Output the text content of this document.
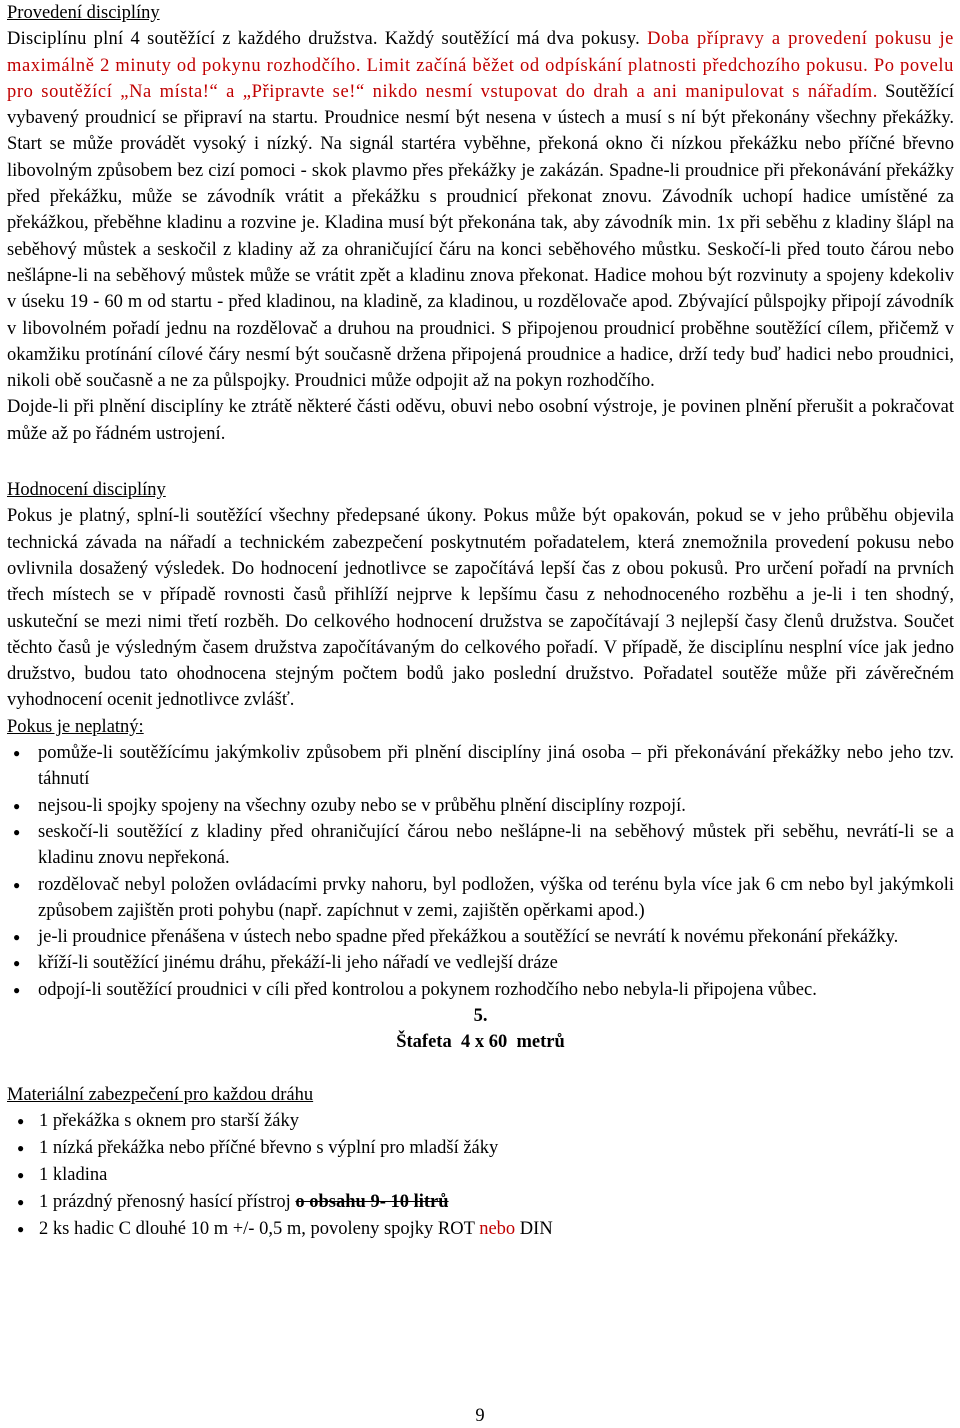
Provedení disciplíny

Disciplínu plní 4 soutěžící z každého družstva. Každý soutěžící má dva pokusy. Doba přípravy a provedení pokusu je maximálně 2 minuty od pokynu rozhodčího. Limit začíná běžet od odpískání platnosti předchozího pokusu. Po povelu pro soutěžící „Na místa!“ a „Připravte se!“ nikdo nesmí vstupovat do drah a ani manipulovat s nářadím. Soutěžící vybavený proudnicí se připraví na startu. Proudnice nesmí být nesena v ústech a musí s ní být překonány všechny překážky. Start se může provádět vysoký i nízký. Na signál startéra vyběhne, překoná okno či nízkou překážku nebo příčné břevno libovolným způsobem bez cizí pomoci - skok plavmo přes překážky je zakázán. Spadne-li proudnice při překonávání překážky před překážku, může se závodník vrátit a překážku s proudnicí překonat znovu. Závodník uchopí hadice umístěné za překážkou, přeběhne kladinu a rozvine je. Kladina musí být překonána tak, aby závodník min. 1x při seběhu z kladiny šlápl na seběhový můstek a seskočil z kladiny až za ohraničující čáru na konci seběhového můstku. Seskočí-li před touto čárou nebo nešlápne-li na seběhový můstek může se vrátit zpět a kladinu znova překonat. Hadice mohou být rozvinuty a spojeny kdekoliv v úseku 19 - 60 m od startu - před kladinou, na kladině, za kladinou, u rozdělovače apod. Zbývající půlspojky připojí závodník v libovolném pořadí jednu na rozdělovač a druhou na proudnici. S připojenou proudnicí proběhne soutěžící cílem, přičemž v okamžiku protínání cílové čáry nesmí být současně držena připojená proudnice a hadice, drží tedy buď hadici nebo proudnici, nikoli obě současně a ne za půlspojky. Proudnici může odpojit až na pokyn rozhodčího.

Dojde-li při plnění disciplíny ke ztrátě některé části oděvu, obuvi nebo osobní výstroje, je povinen plnění přerušit a pokračovat může až po řádném ustrojení.

Hodnocení disciplíny

Pokus je platný, splní-li soutěžící všechny předepsané úkony. Pokus může být opakován, pokud se v jeho průběhu objevila technická závada na nářadí a technickém zabezpečení poskytnutém pořadatelem, která znemožnila provedení pokusu nebo ovlivnila dosažený výsledek. Do hodnocení jednotlivce se započítává lepší čas z obou pokusů. Pro určení pořadí na prvních třech místech se v případě rovnosti časů přihlíží nejprve k lepšímu času z nehodnoceného rozběhu a je-li i ten shodný, uskuteční se mezi nimi třetí rozběh. Do celkového hodnocení družstva se započítávají 3 nejlepší časy členů družstva. Součet těchto časů je výsledným časem družstva započítávaným do celkového pořadí. V případě, že disciplínu nesplní více jak jedno družstvo, budou tato ohodnocena stejným počtem bodů jako poslední družstvo. Pořadatel soutěže může při závěrečném vyhodnocení ocenit jednotlivce zvlášť.

Pokus je neplatný:

● pomůže-li soutěžícímu jakýmkoliv způsobem při plnění disciplíny jiná osoba – při překonávání překážky nebo jeho tzv. táhnutí
● nejsou-li spojky spojeny na všechny ozuby nebo se v průběhu plnění disciplíny rozpojí.
● seskočí-li soutěžící z kladiny před ohraničující čárou nebo nešlápne-li na seběhový můstek při seběhu, nevrátí-li se a kladinu znovu nepřekoná.
● rozdělovač nebyl položen ovládacími prvky nahoru, byl podložen, výška od terénu byla více jak 6 cm nebo byl jakýmkoli způsobem zajištěn proti pohybu (např. zapíchnut v zemi, zajištěn opěrkami apod.)
● je-li proudnice přenášena v ústech nebo spadne před překážkou a soutěžící se nevrátí k novému překonání překážky.
● kříží-li soutěžící jinému dráhu, překáží-li jeho nářadí ve vedlejší dráze
● odpojí-li soutěžící proudnici v cíli před kontrolou a pokynem rozhodčího nebo nebyla-li připojena vůbec.

5.

Štafeta  4 x 60  metrů

Materiální zabezpečení pro každou dráhu

● 1 překážka s oknem pro starší žáky
● 1 nízká překážka nebo příčné břevno s výplní pro mladší žáky
● 1 kladina
● 1 prázdný přenosný hasící přístroj o obsahu 9- 10 litrů
● 2 ks hadic C dlouhé 10 m +/- 0,5 m, povoleny spojky ROT nebo DIN
9
